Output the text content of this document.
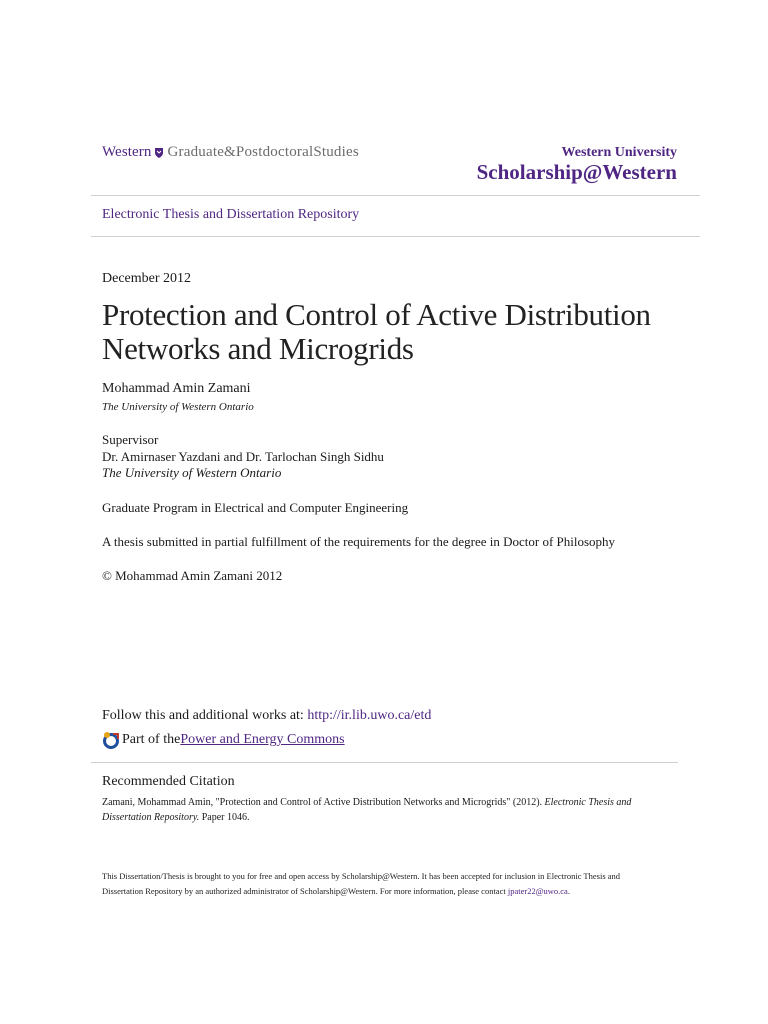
Western Graduate&PostdoctoralStudies	Western University
Scholarship@Western
Electronic Thesis and Dissertation Repository
December 2012
Protection and Control of Active Distribution Networks and Microgrids
Mohammad Amin Zamani
The University of Western Ontario
Supervisor
Dr. Amirnaser Yazdani and Dr. Tarlochan Singh Sidhu
The University of Western Ontario
Graduate Program in Electrical and Computer Engineering
A thesis submitted in partial fulfillment of the requirements for the degree in Doctor of Philosophy
© Mohammad Amin Zamani 2012
Follow this and additional works at: http://ir.lib.uwo.ca/etd
Part of the Power and Energy Commons
Recommended Citation
Zamani, Mohammad Amin, "Protection and Control of Active Distribution Networks and Microgrids" (2012). Electronic Thesis and Dissertation Repository. Paper 1046.
This Dissertation/Thesis is brought to you for free and open access by Scholarship@Western. It has been accepted for inclusion in Electronic Thesis and Dissertation Repository by an authorized administrator of Scholarship@Western. For more information, please contact jpater22@uwo.ca.
